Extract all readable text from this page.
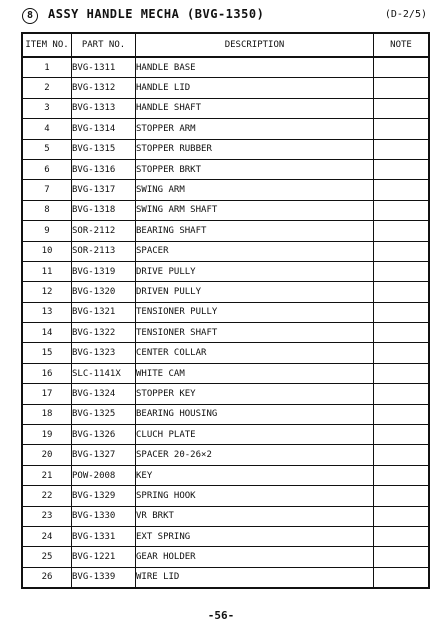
8	ASSY HANDLE MECHA (BVG-1350)	(D-2/5)
ITEM NO.	PART NO.	DESCRIPTION	NOTE
1	BVG-1311	HANDLE BASE	
2	BVG-1312	HANDLE LID	
3	BVG-1313	HANDLE SHAFT	
4	BVG-1314	STOPPER ARM	
5	BVG-1315	STOPPER RUBBER	
6	BVG-1316	STOPPER BRKT	
7	BVG-1317	SWING ARM	
8	BVG-1318	SWING ARM SHAFT	
9	SOR-2112	BEARING SHAFT	
10	SOR-2113	SPACER	
11	BVG-1319	DRIVE PULLY	
12	BVG-1320	DRIVEN PULLY	
13	BVG-1321	TENSIONER PULLY	
14	BVG-1322	TENSIONER SHAFT	
15	BVG-1323	CENTER COLLAR	
16	SLC-1141X	WHITE CAM	
17	BVG-1324	STOPPER KEY	
18	BVG-1325	BEARING HOUSING	
19	BVG-1326	CLUCH PLATE	
20	BVG-1327	SPACER 20-26×2	
21	POW-2008	KEY	
22	BVG-1329	SPRING HOOK	
23	BVG-1330	VR BRKT	
24	BVG-1331	EXT SPRING	
25	BVG-1221	GEAR HOLDER	
26	BVG-1339	WIRE LID	
-56-
